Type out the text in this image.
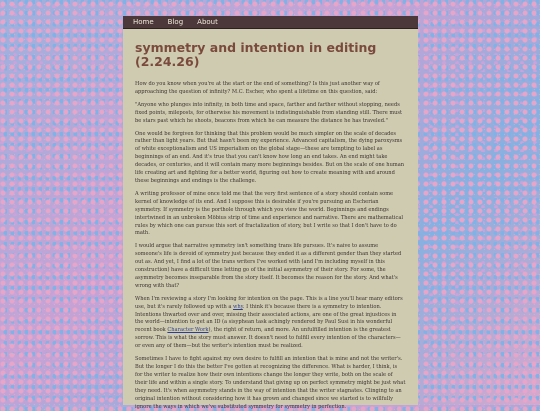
Home Blog About
symmetry and intention in editing (2.24.26)

How do you know when you're at the start or the end of something? Is this just another way of approaching the question of infinity? M.C. Escher, who spent a lifetime on this question, said:

"Anyone who plunges into infinity, in both time and space, farther and farther without stopping, needs fixed points, mileposts, for otherwise his movement is indistinguishable from standing still. There must be stars past which he shoots, beacons from which he can measure the distance he has traveled."

One would be forgiven for thinking that this problem would be much simpler on the scale of decades rather than light years. But that hasn't been my experience. Advanced capitalism, the dying paroxysms of white exceptionalism and US imperialism on the global stage—these are tempting to label as beginnings of an end. And it's true that you can't know how long an end takes. An end might take decades, or centuries, and it will contain many more beginnings besides. But on the scale of one human life creating art and fighting for a better world, figuring out how to create meaning with and around these beginnings and endings is the challenge.

A writing professor of mine once told me that the very first sentence of a story should contain some kernel of knowledge of its end. And I suppose this is desirable if you're pursuing an Escherian symmetry. If symmetry is the porthole through which you view the world. Beginnings and endings intertwined in an unbroken Möbius strip of time and experience and narrative. There are mathematical rules by which one can pursue this sort of fractalization of story, but I write so that I don't have to do math.

I would argue that narrative symmetry isn't something trans life pursues. It's naive to assume someone's life is devoid of symmetry just because they ended it as a different gender than they started out as. And yet, I find a lot of the trans writers I've worked with (and I'm including myself in this construction) have a difficult time letting go of the initial asymmetry of their story. For some, the asymmetry becomes inseparable from the story itself. It becomes the reason for the story. And what's wrong with that?

When I'm reviewing a story I'm looking for intention on the page. This is a line you'll hear many editors use, but it's rarely followed up with a why. I think it's because there is a symmetry to intention. Intentions thwarted over and over, missing their associated actions, are one of the great injustices in the world—intention to get an ID (a sisyphean task achingly rendered by Paul Susi in his wonderful recent book Character Work), the right of return, and more. An unfulfilled intention is the greatest sorrow. This is what the story must answer. It doesn't need to fulfill every intention of the characters—or even any of them—but the writer's intention must be realized.

Sometimes I have to fight against my own desire to fulfill an intention that is mine and not the writer's. But the longer I do this the better I've gotten at recognizing the difference. What is harder, I think, is for the writer to realize how their own intentions change the longer they write, both on the scale of their life and within a single story. To understand that giving up on perfect symmetry might be just what they need. It's when asymmetry stands in the way of intention that the writer stagnates. Clinging to an original intention without considering how it has grown and changed since we started is to willfully ignore the ways in which we've substituted symmetry for symmetry in perfection.
